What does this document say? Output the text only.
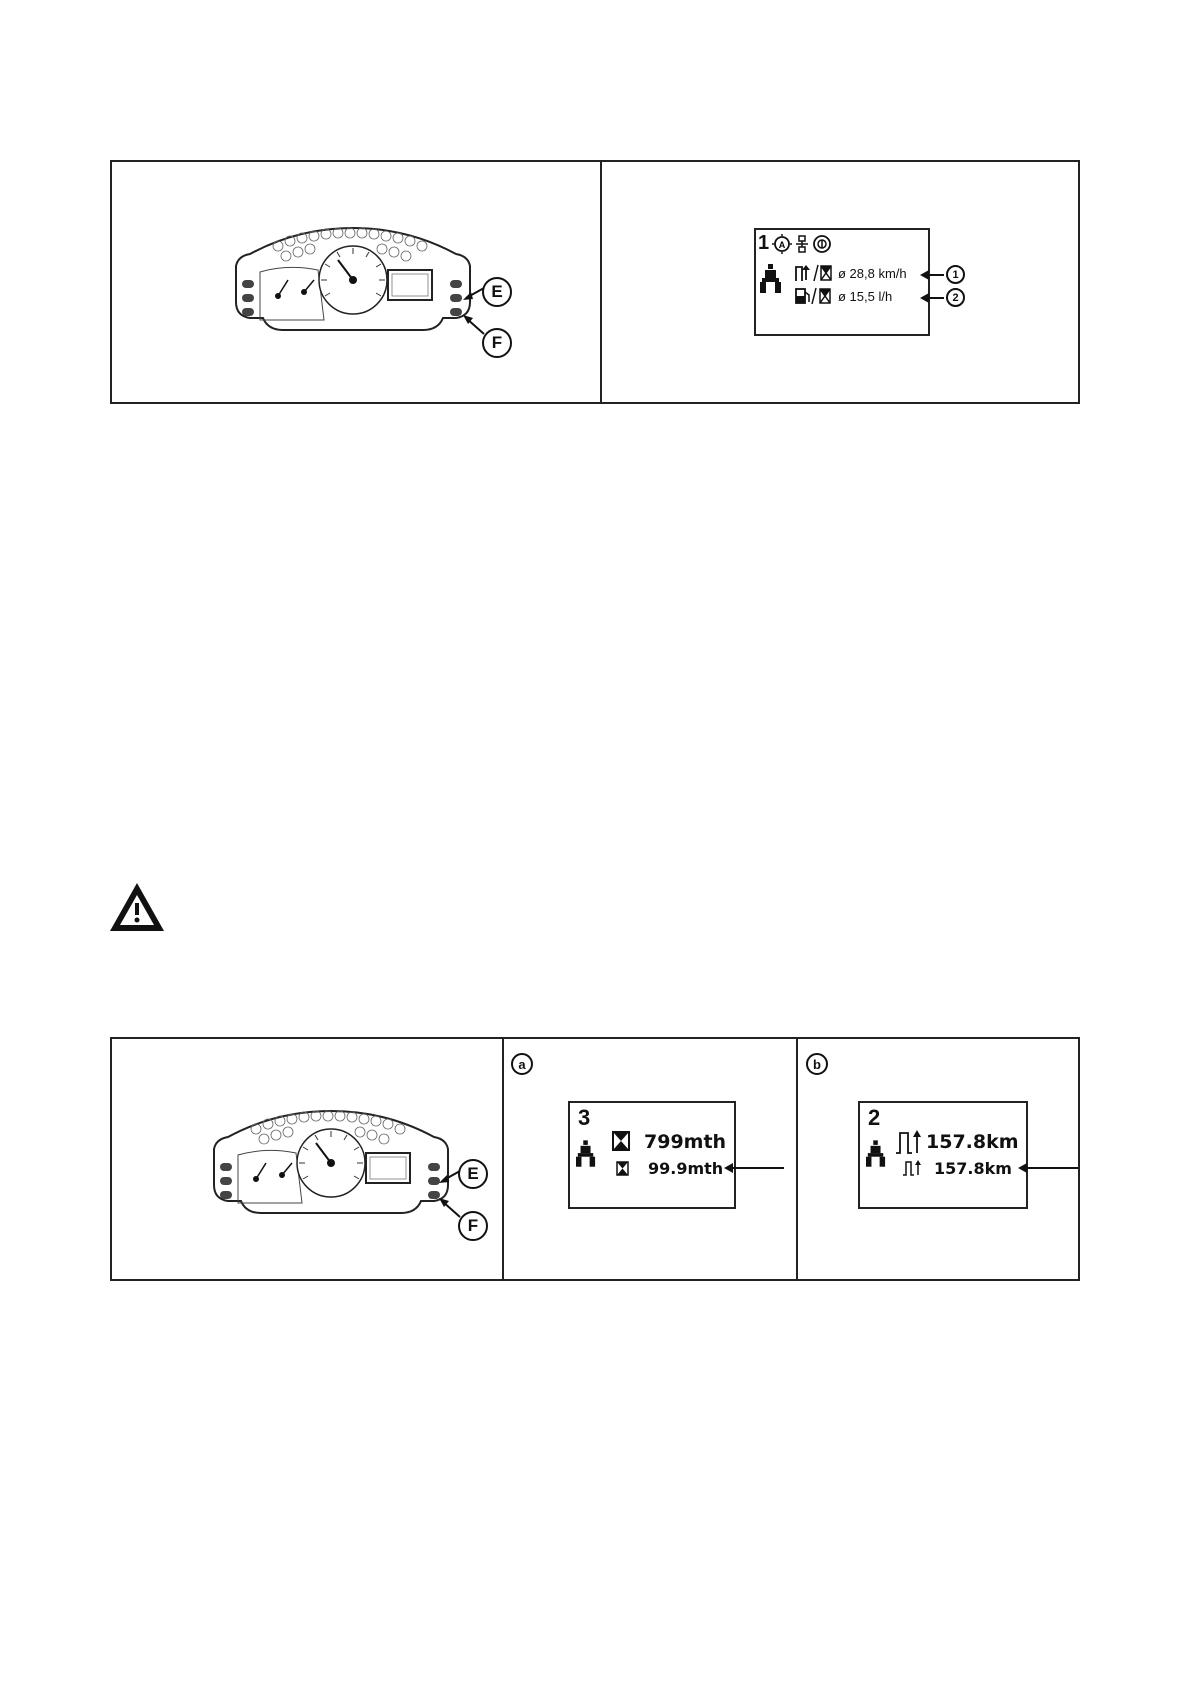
E
F
1 A
ø 28,8 km/h
ø 15,5 l/h
1
2
E
F
a
3
799mth
99.9mth
b
2
157.8km
157.8km
